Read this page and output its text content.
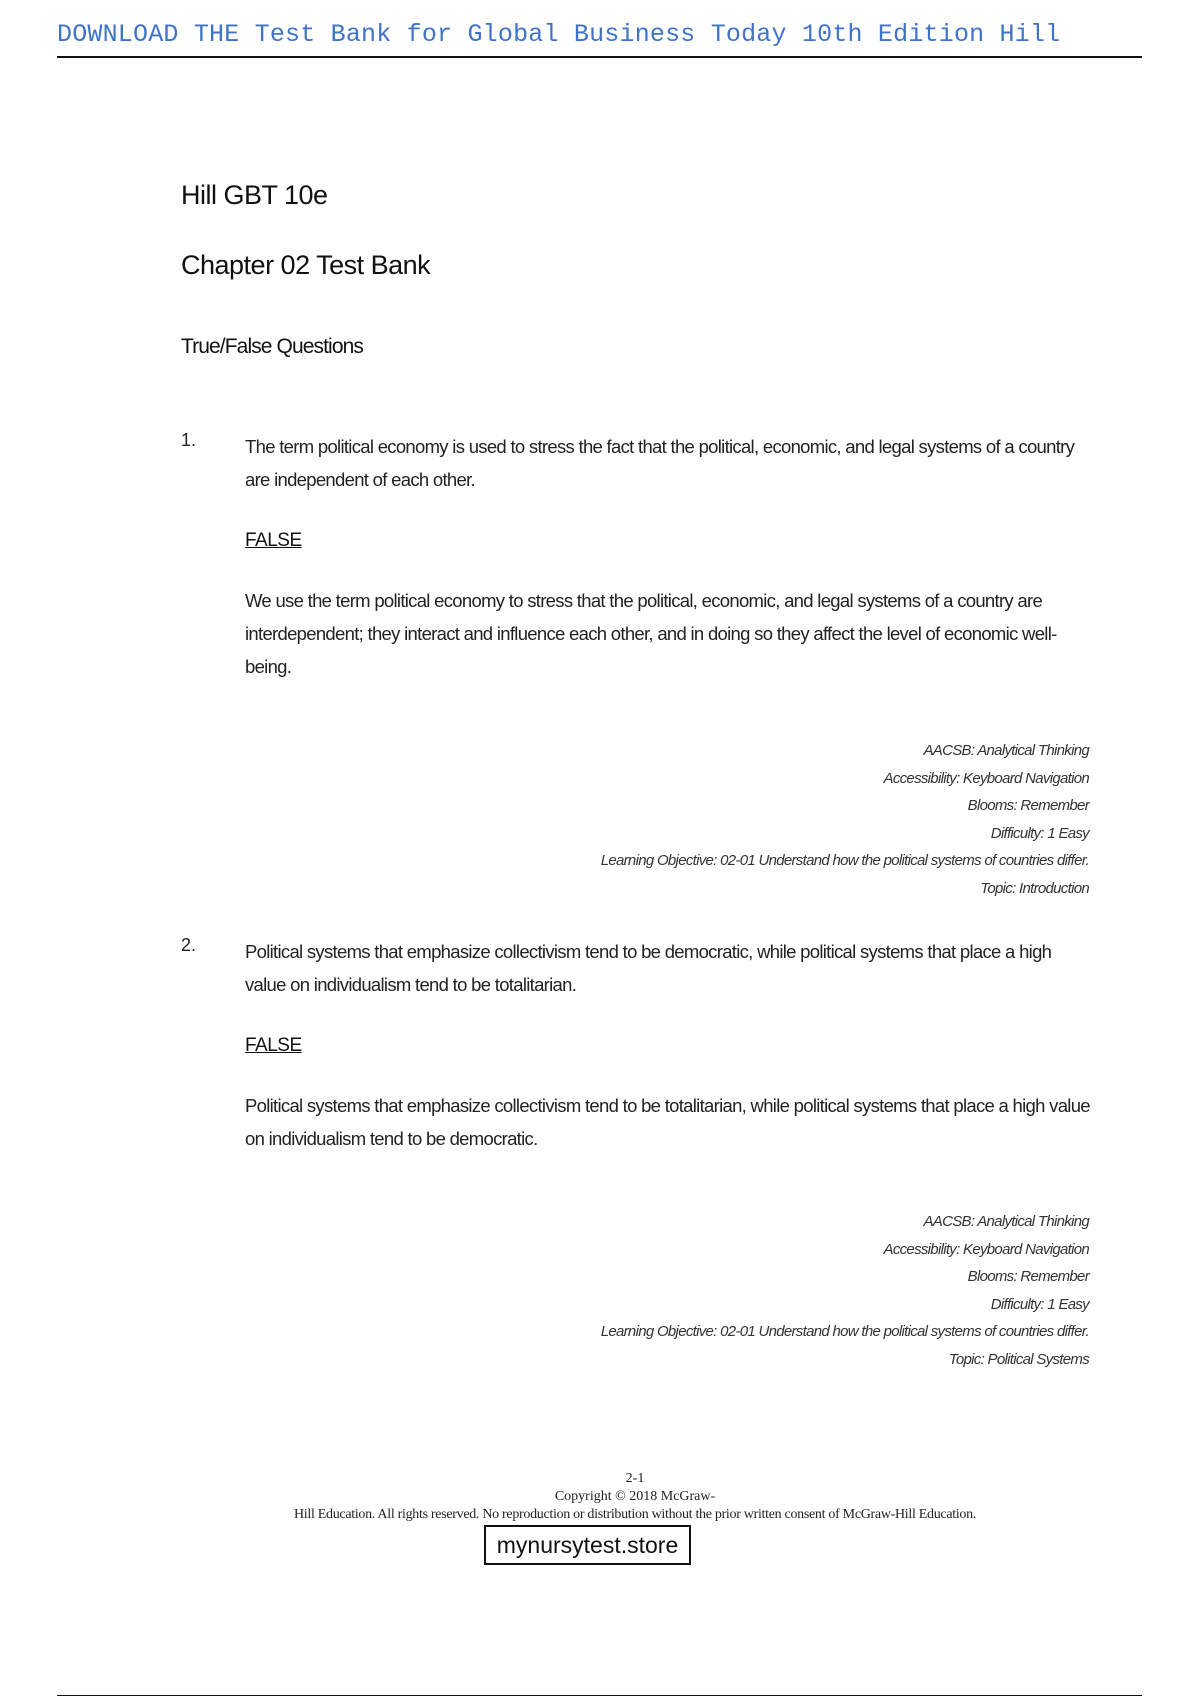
DOWNLOAD THE Test Bank for Global Business Today 10th Edition Hill
Hill GBT 10e
Chapter 02 Test Bank
True/False Questions
1.	The term political economy is used to stress the fact that the political, economic, and legal systems of a country are independent of each other.
FALSE
We use the term political economy to stress that the political, economic, and legal systems of a country are interdependent; they interact and influence each other, and in doing so they affect the level of economic well-being.
AACSB: Analytical Thinking
Accessibility: Keyboard Navigation
Blooms: Remember
Difficulty: 1 Easy
Learning Objective: 02-01 Understand how the political systems of countries differ.
Topic: Introduction
2.	Political systems that emphasize collectivism tend to be democratic, while political systems that place a high value on individualism tend to be totalitarian.
FALSE
Political systems that emphasize collectivism tend to be totalitarian, while political systems that place a high value on individualism tend to be democratic.
AACSB: Analytical Thinking
Accessibility: Keyboard Navigation
Blooms: Remember
Difficulty: 1 Easy
Learning Objective: 02-01 Understand how the political systems of countries differ.
Topic: Political Systems
2-1
Copyright © 2018 McGraw-
Hill Education. All rights reserved. No reproduction or distribution without the prior written consent of McGraw-Hill Education.
mynursytest.store
